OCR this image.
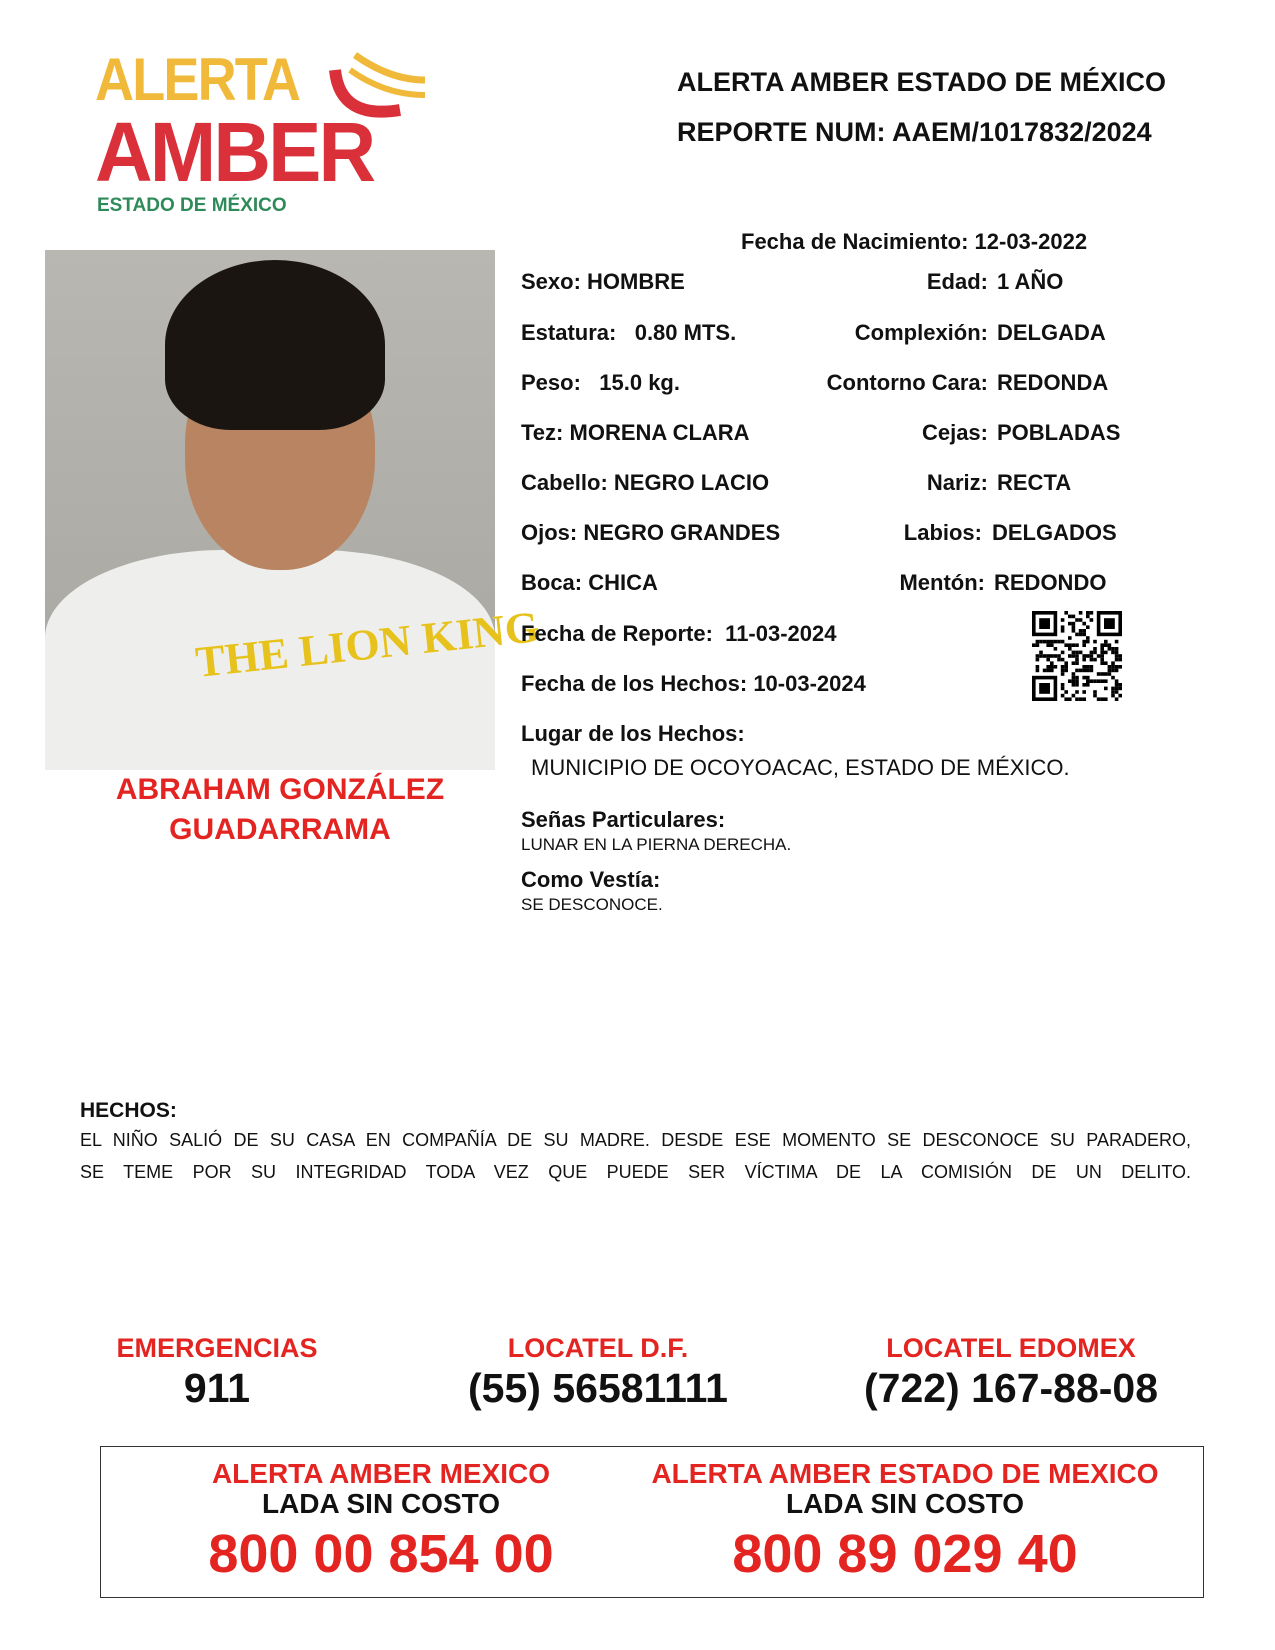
ALERTA
AMBER
ESTADO DE MÉXICO
ALERTA AMBER ESTADO DE MÉXICO
REPORTE NUM: AAEM/1017832/2024
THE LION KING
ABRAHAM GONZÁLEZ
GUADARRAMA
Fecha de Nacimiento: 12-03-2022
Sexo: HOMBRE	Edad: 1 AÑO
Estatura: 0.80 MTS.	Complexión: DELGADA
Peso: 15.0 kg.	Contorno Cara: REDONDA
Tez: MORENA CLARA	Cejas: POBLADAS
Cabello: NEGRO LACIO	Nariz: RECTA
Ojos: NEGRO GRANDES	Labios: DELGADOS
Boca: CHICA	Mentón: REDONDO
Fecha de Reporte: 11-03-2024
Fecha de los Hechos: 10-03-2024
Lugar de los Hechos:
MUNICIPIO DE OCOYOACAC, ESTADO DE MÉXICO.
Señas Particulares:
LUNAR EN LA PIERNA DERECHA.
Como Vestía:
SE DESCONOCE.
HECHOS:
EL NIÑO SALIÓ DE SU CASA EN COMPAÑÍA DE SU MADRE. DESDE ESE MOMENTO SE DESCONOCE SU PARADERO,
SE TEME POR SU INTEGRIDAD TODA VEZ QUE PUEDE SER VÍCTIMA DE LA COMISIÓN DE UN DELITO.
EMERGENCIAS
911
LOCATEL D.F.
(55) 56581111
LOCATEL EDOMEX
(722) 167-88-08
ALERTA AMBER MEXICO
LADA SIN COSTO
800 00 854 00
ALERTA AMBER ESTADO DE MEXICO
LADA SIN COSTO
800 89 029 40
